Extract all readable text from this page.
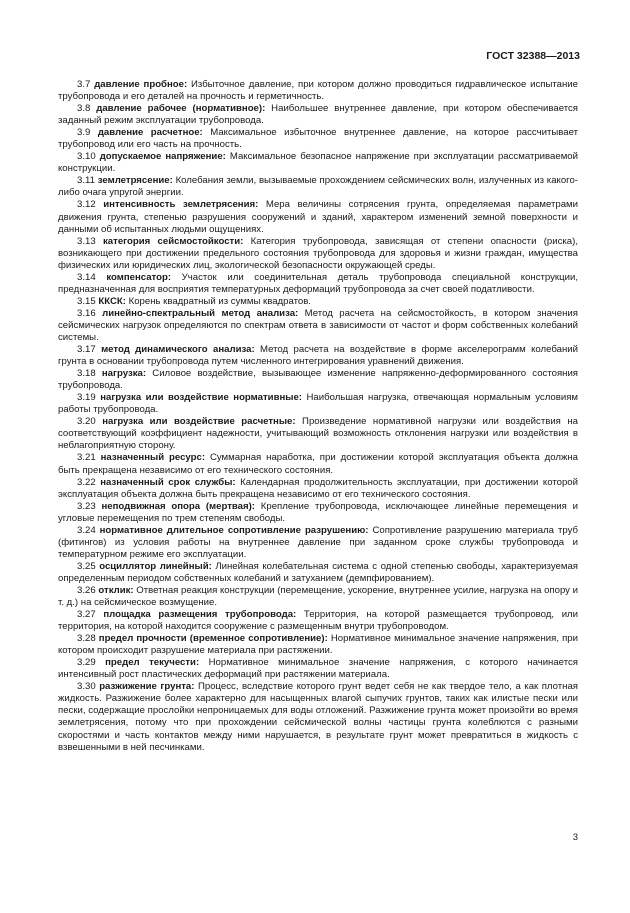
ГОСТ 32388—2013

3.7 давление пробное: Избыточное давление, при котором должно проводиться гидравлическое испытание трубопровода и его деталей на прочность и герметичность.

3.8 давление рабочее (нормативное): Наибольшее внутреннее давление, при котором обеспечивается заданный режим эксплуатации трубопровода.

3.9 давление расчетное: Максимальное избыточное внутреннее давление, на которое рассчитывает трубопровод или его часть на прочность.

3.10 допускаемое напряжение: Максимальное безопасное напряжение при эксплуатации рассматриваемой конструкции.

3.11 землетрясение: Колебания земли, вызываемые прохождением сейсмических волн, излученных из какого-либо очага упругой энергии.

3.12 интенсивность землетрясения: Мера величины сотрясения грунта, определяемая параметрами движения грунта, степенью разрушения сооружений и зданий, характером изменений земной поверхности и данными об испытанных людьми ощущениях.

3.13 категория сейсмостойкости: Категория трубопровода, зависящая от степени опасности (риска), возникающего при достижении предельного состояния трубопровода для здоровья и жизни граждан, имущества физических или юридических лиц, экологической безопасности окружающей среды.

3.14 компенсатор: Участок или соединительная деталь трубопровода специальной конструкции, предназначенная для восприятия температурных деформаций трубопровода за счет своей податливости.

3.15 ККСК: Корень квадратный из суммы квадратов.

3.16 линейно-спектральный метод анализа: Метод расчета на сейсмостойкость, в котором значения сейсмических нагрузок определяются по спектрам ответа в зависимости от частот и форм собственных колебаний системы.

3.17 метод динамического анализа: Метод расчета на воздействие в форме акселерограмм колебаний грунта в основании трубопровода путем численного интегрирования уравнений движения.

3.18 нагрузка: Силовое воздействие, вызывающее изменение напряженно-деформированного состояния трубопровода.

3.19 нагрузка или воздействие нормативные: Наибольшая нагрузка, отвечающая нормальным условиям работы трубопровода.

3.20 нагрузка или воздействие расчетные: Произведение нормативной нагрузки или воздействия на соответствующий коэффициент надежности, учитывающий возможность отклонения нагрузки или воздействия в неблагоприятную сторону.

3.21 назначенный ресурс: Суммарная наработка, при достижении которой эксплуатация объекта должна быть прекращена независимо от его технического состояния.

3.22 назначенный срок службы: Календарная продолжительность эксплуатации, при достижении которой эксплуатация объекта должна быть прекращена независимо от его технического состояния.

3.23 неподвижная опора (мертвая): Крепление трубопровода, исключающее линейные перемещения и угловые перемещения по трем степеням свободы.

3.24 нормативное длительное сопротивление разрушению: Сопротивление разрушению материала труб (фитингов) из условия работы на внутреннее давление при заданном сроке службы трубопровода и температурном режиме его эксплуатации.

3.25 осциллятор линейный: Линейная колебательная система с одной степенью свободы, характеризуемая определенным периодом собственных колебаний и затуханием (демпфированием).

3.26 отклик: Ответная реакция конструкции (перемещение, ускорение, внутреннее усилие, нагрузка на опору и т. д.) на сейсмическое возмущение.

3.27 площадка размещения трубопровода: Территория, на которой размещается трубопровод, или территория, на которой находится сооружение с размещенным внутри трубопроводом.

3.28 предел прочности (временное сопротивление): Нормативное минимальное значение напряжения, при котором происходит разрушение материала при растяжении.

3.29 предел текучести: Нормативное минимальное значение напряжения, с которого начинается интенсивный рост пластических деформаций при растяжении материала.

3.30 разжижение грунта: Процесс, вследствие которого грунт ведет себя не как твердое тело, а как плотная жидкость. Разжижение более характерно для насыщенных влагой сыпучих грунтов, таких как илистые пески или пески, содержащие прослойки непроницаемых для воды отложений. Разжижение грунта может произойти во время землетрясения, потому что при прохождении сейсмической волны частицы грунта колеблются с разными скоростями и часть контактов между ними нарушается, в результате грунт может превратиться в жидкость с взвешенными в ней песчинками.

3
